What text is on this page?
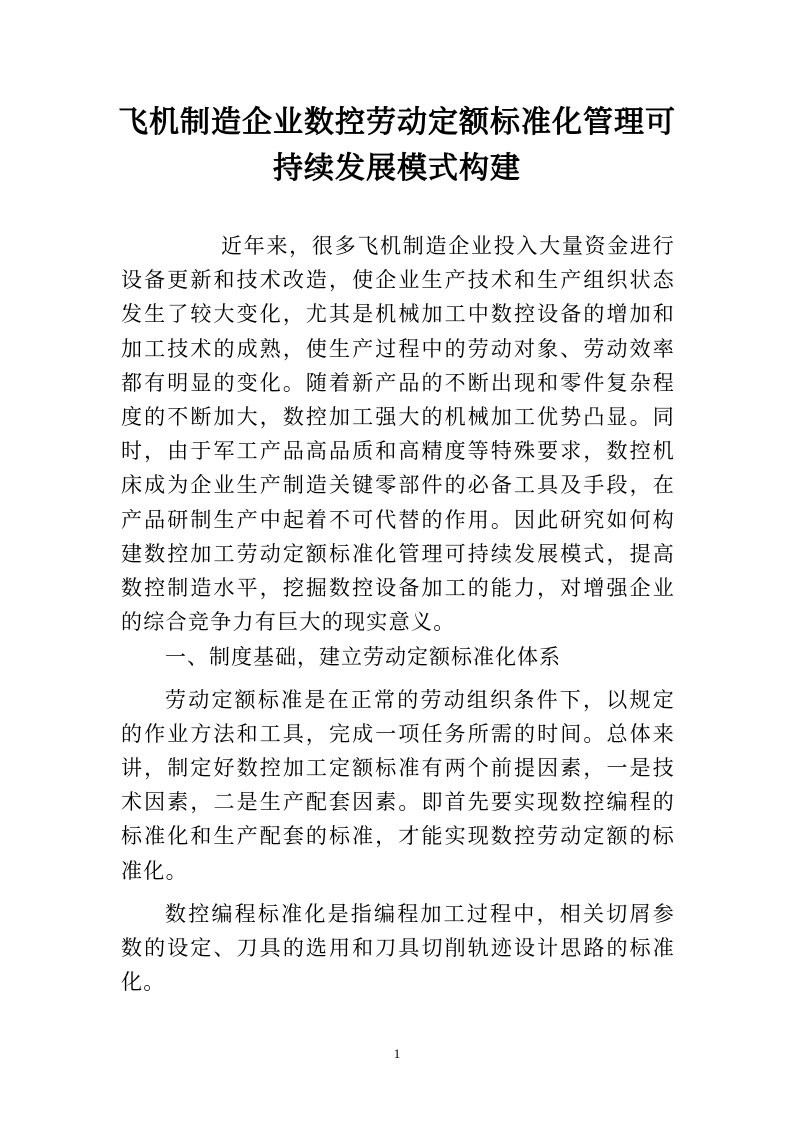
飞机制造企业数控劳动定额标准化管理可
持续发展模式构建

近年来，很多飞机制造企业投入大量资金进行设备更新和技术改造，使企业生产技术和生产组织状态发生了较大变化，尤其是机械加工中数控设备的增加和加工技术的成熟，使生产过程中的劳动对象、劳动效率都有明显的变化。随着新产品的不断出现和零件复杂程度的不断加大，数控加工强大的机械加工优势凸显。同时，由于军工产品高品质和高精度等特殊要求，数控机床成为企业生产制造关键零部件的必备工具及手段，在产品研制生产中起着不可代替的作用。因此研究如何构建数控加工劳动定额标准化管理可持续发展模式，提高数控制造水平，挖掘数控设备加工的能力，对增强企业的综合竞争力有巨大的现实意义。

一、制度基础，建立劳动定额标准化体系

劳动定额标准是在正常的劳动组织条件下，以规定的作业方法和工具，完成一项任务所需的时间。总体来讲，制定好数控加工定额标准有两个前提因素，一是技术因素，二是生产配套因素。即首先要实现数控编程的标准化和生产配套的标准，才能实现数控劳动定额的标准化。

数控编程标准化是指编程加工过程中，相关切屑参数的设定、刀具的选用和刀具切削轨迹设计思路的标准化。

1
